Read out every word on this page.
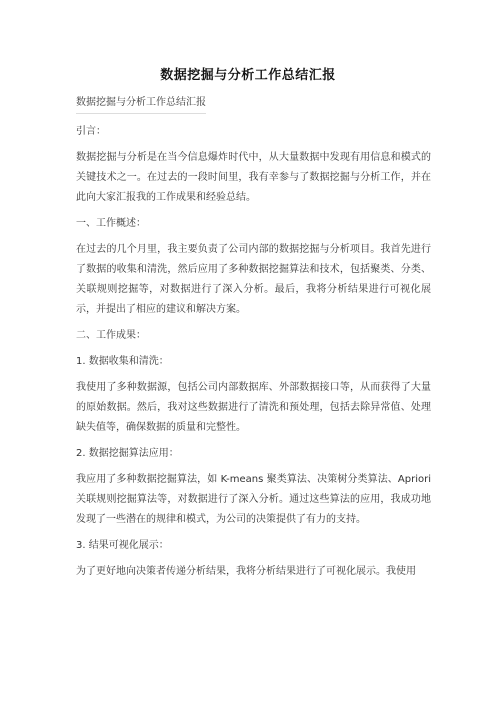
数据挖掘与分析工作总结汇报

数据挖掘与分析工作总结汇报

引言：

数据挖掘与分析是在当今信息爆炸时代中，从大量数据中发现有用信息和模式的关键技术之一。在过去的一段时间里，我有幸参与了数据挖掘与分析工作，并在此向大家汇报我的工作成果和经验总结。

一、工作概述：

在过去的几个月里，我主要负责了公司内部的数据挖掘与分析项目。我首先进行了数据的收集和清洗，然后应用了多种数据挖掘算法和技术，包括聚类、分类、关联规则挖掘等，对数据进行了深入分析。最后，我将分析结果进行可视化展示，并提出了相应的建议和解决方案。

二、工作成果：

1. 数据收集和清洗：

我使用了多种数据源，包括公司内部数据库、外部数据接口等，从而获得了大量的原始数据。然后，我对这些数据进行了清洗和预处理，包括去除异常值、处理缺失值等，确保数据的质量和完整性。

2. 数据挖掘算法应用：

我应用了多种数据挖掘算法，如 K-means 聚类算法、决策树分类算法、Apriori 关联规则挖掘算法等，对数据进行了深入分析。通过这些算法的应用，我成功地发现了一些潜在的规律和模式，为公司的决策提供了有力的支持。

3. 结果可视化展示：

为了更好地向决策者传递分析结果，我将分析结果进行了可视化展示。我使用
